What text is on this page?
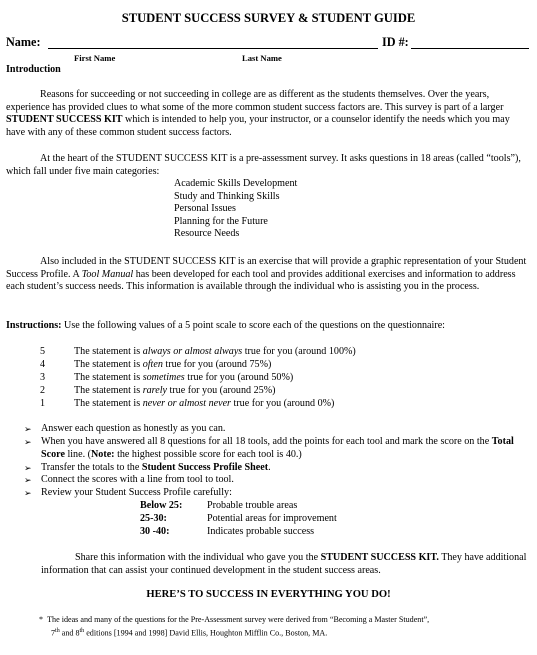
STUDENT SUCCESS SURVEY & STUDENT GUIDE
Name:	ID #:
First Name	Last Name
Introduction
Reasons for succeeding or not succeeding in college are as different as the students themselves. Over the years, experience has provided clues to what some of the more common student success factors are. This survey is part of a larger STUDENT SUCCESS KIT which is intended to help you, your instructor, or a counselor identify the needs which you may have with any of these common student success factors.
At the heart of the STUDENT SUCCESS KIT is a pre-assessment survey. It asks questions in 18 areas (called “tools”), which fall under five main categories:
Academic Skills Development
Study and Thinking Skills
Personal Issues
Planning for the Future
Resource Needs
Also included in the STUDENT SUCCESS KIT is an exercise that will provide a graphic representation of your Student Success Profile. A Tool Manual has been developed for each tool and provides additional exercises and information to address each student’s success needs. This information is available through the individual who is assisting you in the process.
Instructions: Use the following values of a 5 point scale to score each of the questions on the questionnaire:
5	The statement is always or almost always true for you (around 100%)
4	The statement is often true for you (around 75%)
3	The statement is sometimes true for you (around 50%)
2	The statement is rarely true for you (around 25%)
1	The statement is never or almost never true for you (around 0%)
➢ Answer each question as honestly as you can.
➢ When you have answered all 8 questions for all 18 tools, add the points for each tool and mark the score on the Total Score line. (Note: the highest possible score for each tool is 40.)
➢ Transfer the totals to the Student Success Profile Sheet.
➢ Connect the scores with a line from tool to tool.
➢ Review your Student Success Profile carefully:
Below 25: Probable trouble areas
25-30:	Potential areas for improvement
30 -40:	Indicates probable success
Share this information with the individual who gave you the STUDENT SUCCESS KIT. They have additional information that can assist your continued development in the student success areas.
HERE’S TO SUCCESS IN EVERYTHING YOU DO!
* The ideas and many of the questions for the Pre-Assessment survey were derived from “Becoming a Master Student”,
7th and 8th editions [1994 and 1998] David Ellis, Houghton Mifflin Co., Boston, MA.
